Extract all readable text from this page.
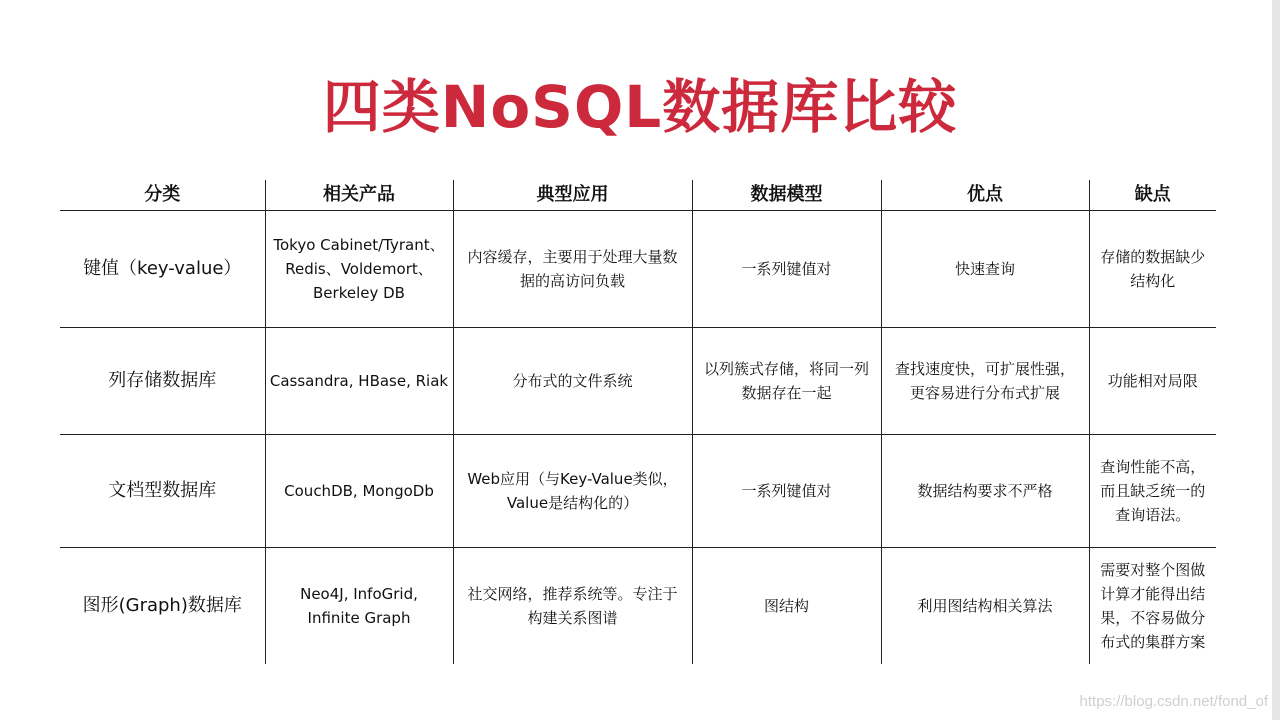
四类NoSQL数据库比较
分类	相关产品	典型应用	数据模型	优点	缺点
键值（key-value）	Tokyo Cabinet/Tyrant、
Redis、Voldemort、
Berkeley DB	内容缓存，主要用于处理大量数
据的高访问负载	一系列键值对	快速查询	存储的数据缺少
结构化
列存储数据库	Cassandra, HBase, Riak	分布式的文件系统	以列簇式存储，将同一列
数据存在一起	查找速度快，可扩展性强，
更容易进行分布式扩展	功能相对局限
文档型数据库	CouchDB, MongoDb	Web应用（与Key-Value类似，
Value是结构化的）	一系列键值对	数据结构要求不严格	查询性能不高，
而且缺乏统一的
查询语法。
图形(Graph)数据库	Neo4J, InfoGrid,
Infinite Graph	社交网络，推荐系统等。专注于
构建关系图谱	图结构	利用图结构相关算法	需要对整个图做
计算才能得出结
果，不容易做分
布式的集群方案
https://blog.csdn.net/fond_of
